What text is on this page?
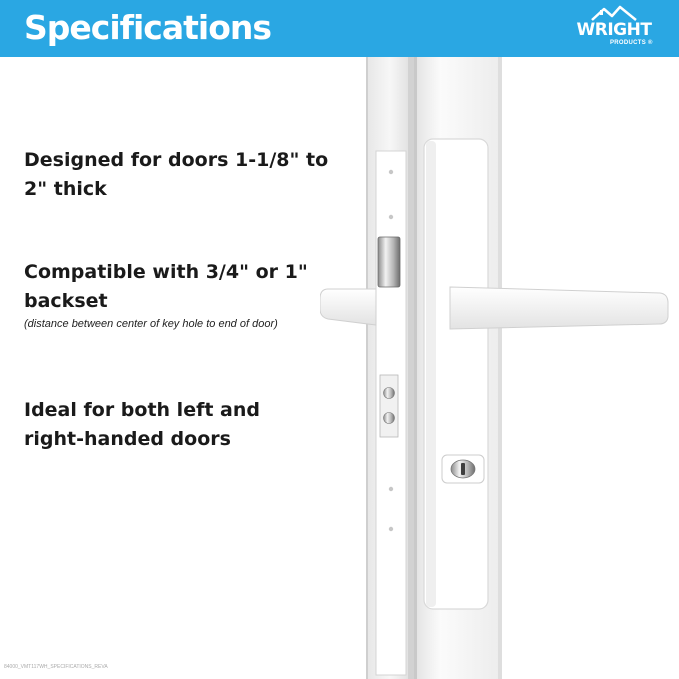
Specifications	WRIGHT
PRODUCTS ®
Designed for doors 1-1/8" to
2" thick
Compatible with 3/4" or 1"
backset
(distance between center of key hole to end of door)
Ideal for both left and
right-handed doors
84000_VMT117WH_SPECIFICATIONS_REVA
